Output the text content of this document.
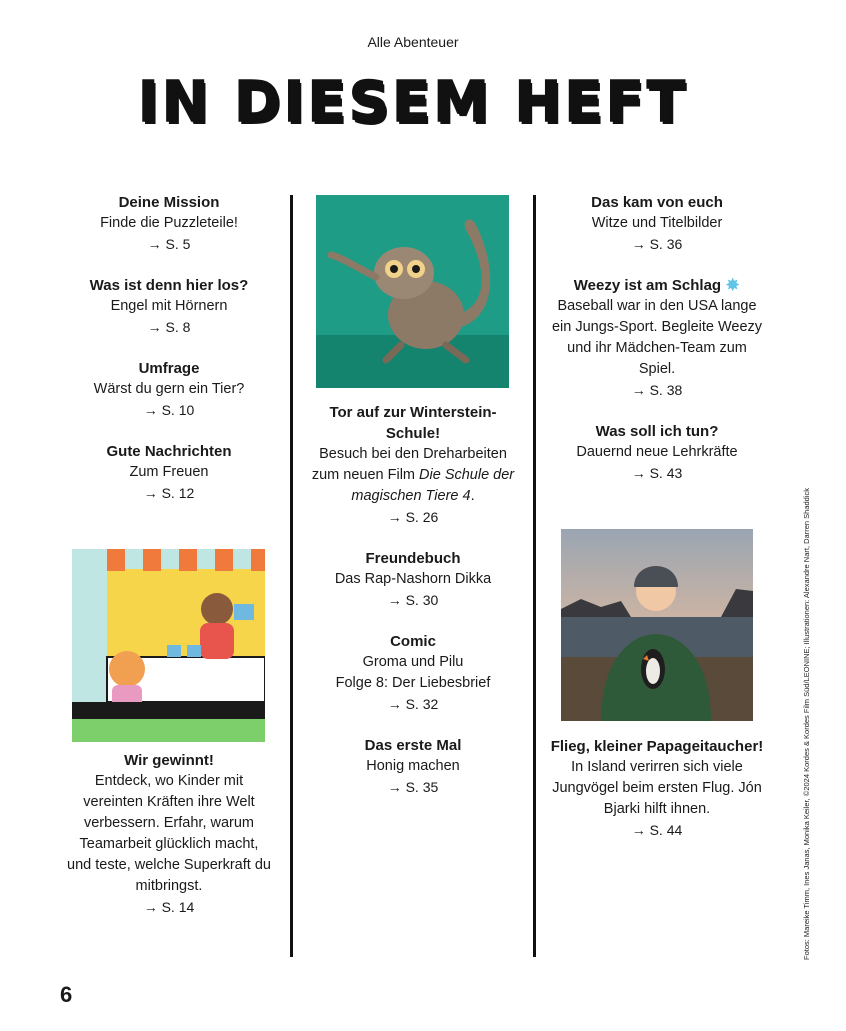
Alle Abenteuer
IN DIESEM HEFT
Deine Mission
Finde die Puzzleteile!
→ S. 5
Was ist denn hier los?
Engel mit Hörnern
→ S. 8
Umfrage
Wärst du gern ein Tier?
→ S. 10
Gute Nachrichten
Zum Freuen
→ S. 12
Wir gewinnt!
Entdeck, wo Kinder mit vereinten Kräften ihre Welt verbessern. Erfahr, warum Teamarbeit glücklich macht, und teste, welche Superkraft du mitbringst.
→ S. 14
Tor auf zur Winterstein-Schule!
Besuch bei den Dreharbeiten zum neuen Film Die Schule der magischen Tiere 4.
→ S. 26
Freundebuch
Das Rap-Nashorn Dikka
→ S. 30
Comic
Groma und Pilu
Folge 8: Der Liebesbrief
→ S. 32
Das erste Mal
Honig machen
→ S. 35
Das kam von euch
Witze und Titelbilder
→ S. 36
Weezy ist am Schlag ✸
Baseball war in den USA lange ein Jungs-Sport. Begleite Weezy und ihr Mädchen-Team zum Spiel.
→ S. 38
Was soll ich tun?
Dauernd neue Lehrkräfte
→ S. 43
Flieg, kleiner Papageitaucher!
In Island verirren sich viele Jungvögel beim ersten Flug. Jón Bjarki hilft ihnen.
→ S. 44	Fotos: Mareike Timm, Ines Janas, Monika Keiler, ©2024 Kordes & Kordes Film Süd/LEONINE; Illustrationen: Alexandre Nart, Darren Shaddick
6
